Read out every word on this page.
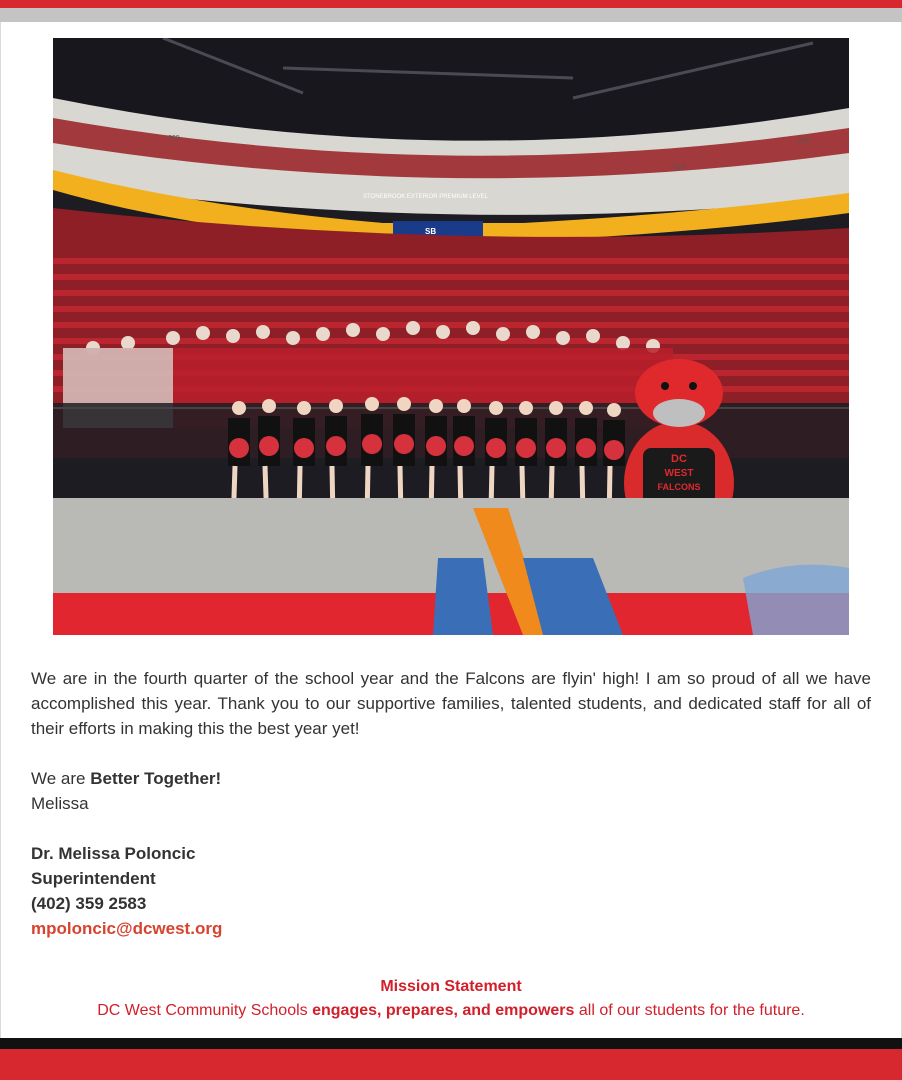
209
214
215
STONEBROOK EXTERIOR PREMIUM LEVEL
SB
DC
WEST
FALCONS

We are in the fourth quarter of the school year and the Falcons are flyin' high! I am so proud of all we have accomplished this year. Thank you to our supportive families, talented students, and dedicated staff for all of their efforts in making this the best year yet!

We are Better Together!

Melissa

Dr. Melissa Poloncic

Superintendent

(402) 359 2583

mpoloncic@dcwest.org

Mission Statement
DC West Community Schools engages, prepares, and empowers all of our students for the future.
